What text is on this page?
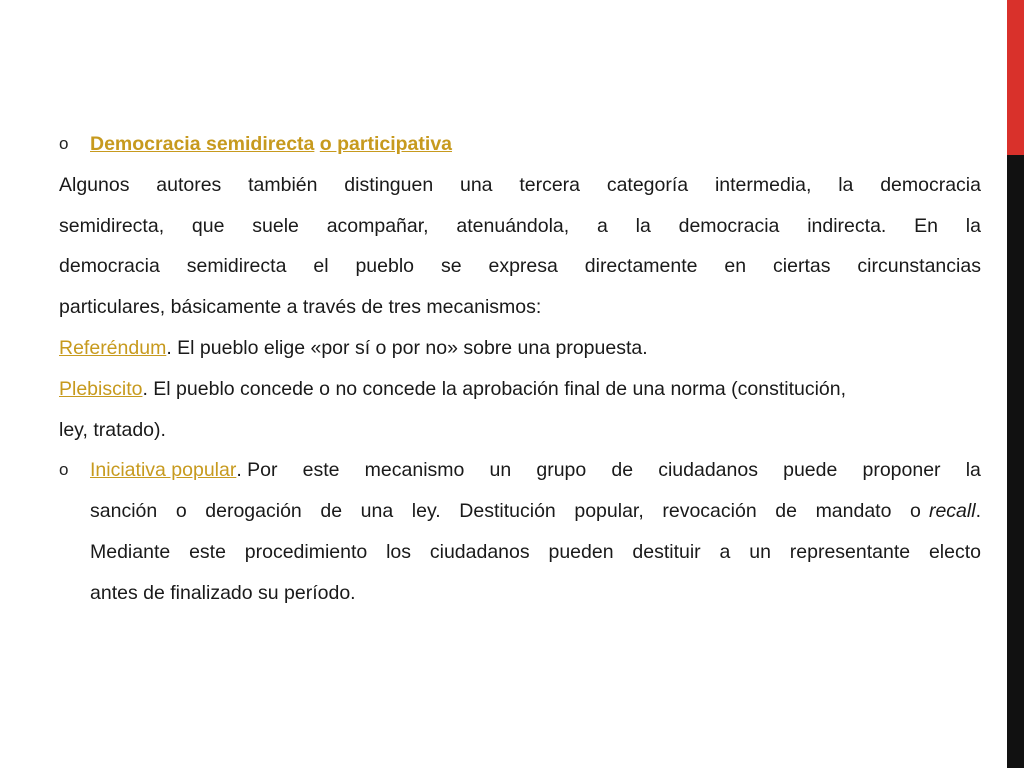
o Democracia semidirecta o participativa
Algunos autores también distinguen una tercera categoría intermedia, la democracia
semidirecta, que suele acompañar, atenuándola, a la democracia indirecta. En la
democracia semidirecta el pueblo se expresa directamente en ciertas circunstancias
particulares, básicamente a través de tres mecanismos:
Referéndum . El pueblo elige «por sí o por no» sobre una propuesta.
Plebiscito . El pueblo concede o no concede la aprobación final de una norma (constitución,
ley, tratado).
o Iniciativa popular . Por este mecanismo un grupo de ciudadanos puede proponer la
sanción o derogación de una ley. Destitución popular, revocación de mandato o recall .
Mediante este procedimiento los ciudadanos pueden destituir a un representante electo
antes de finalizado su período.
